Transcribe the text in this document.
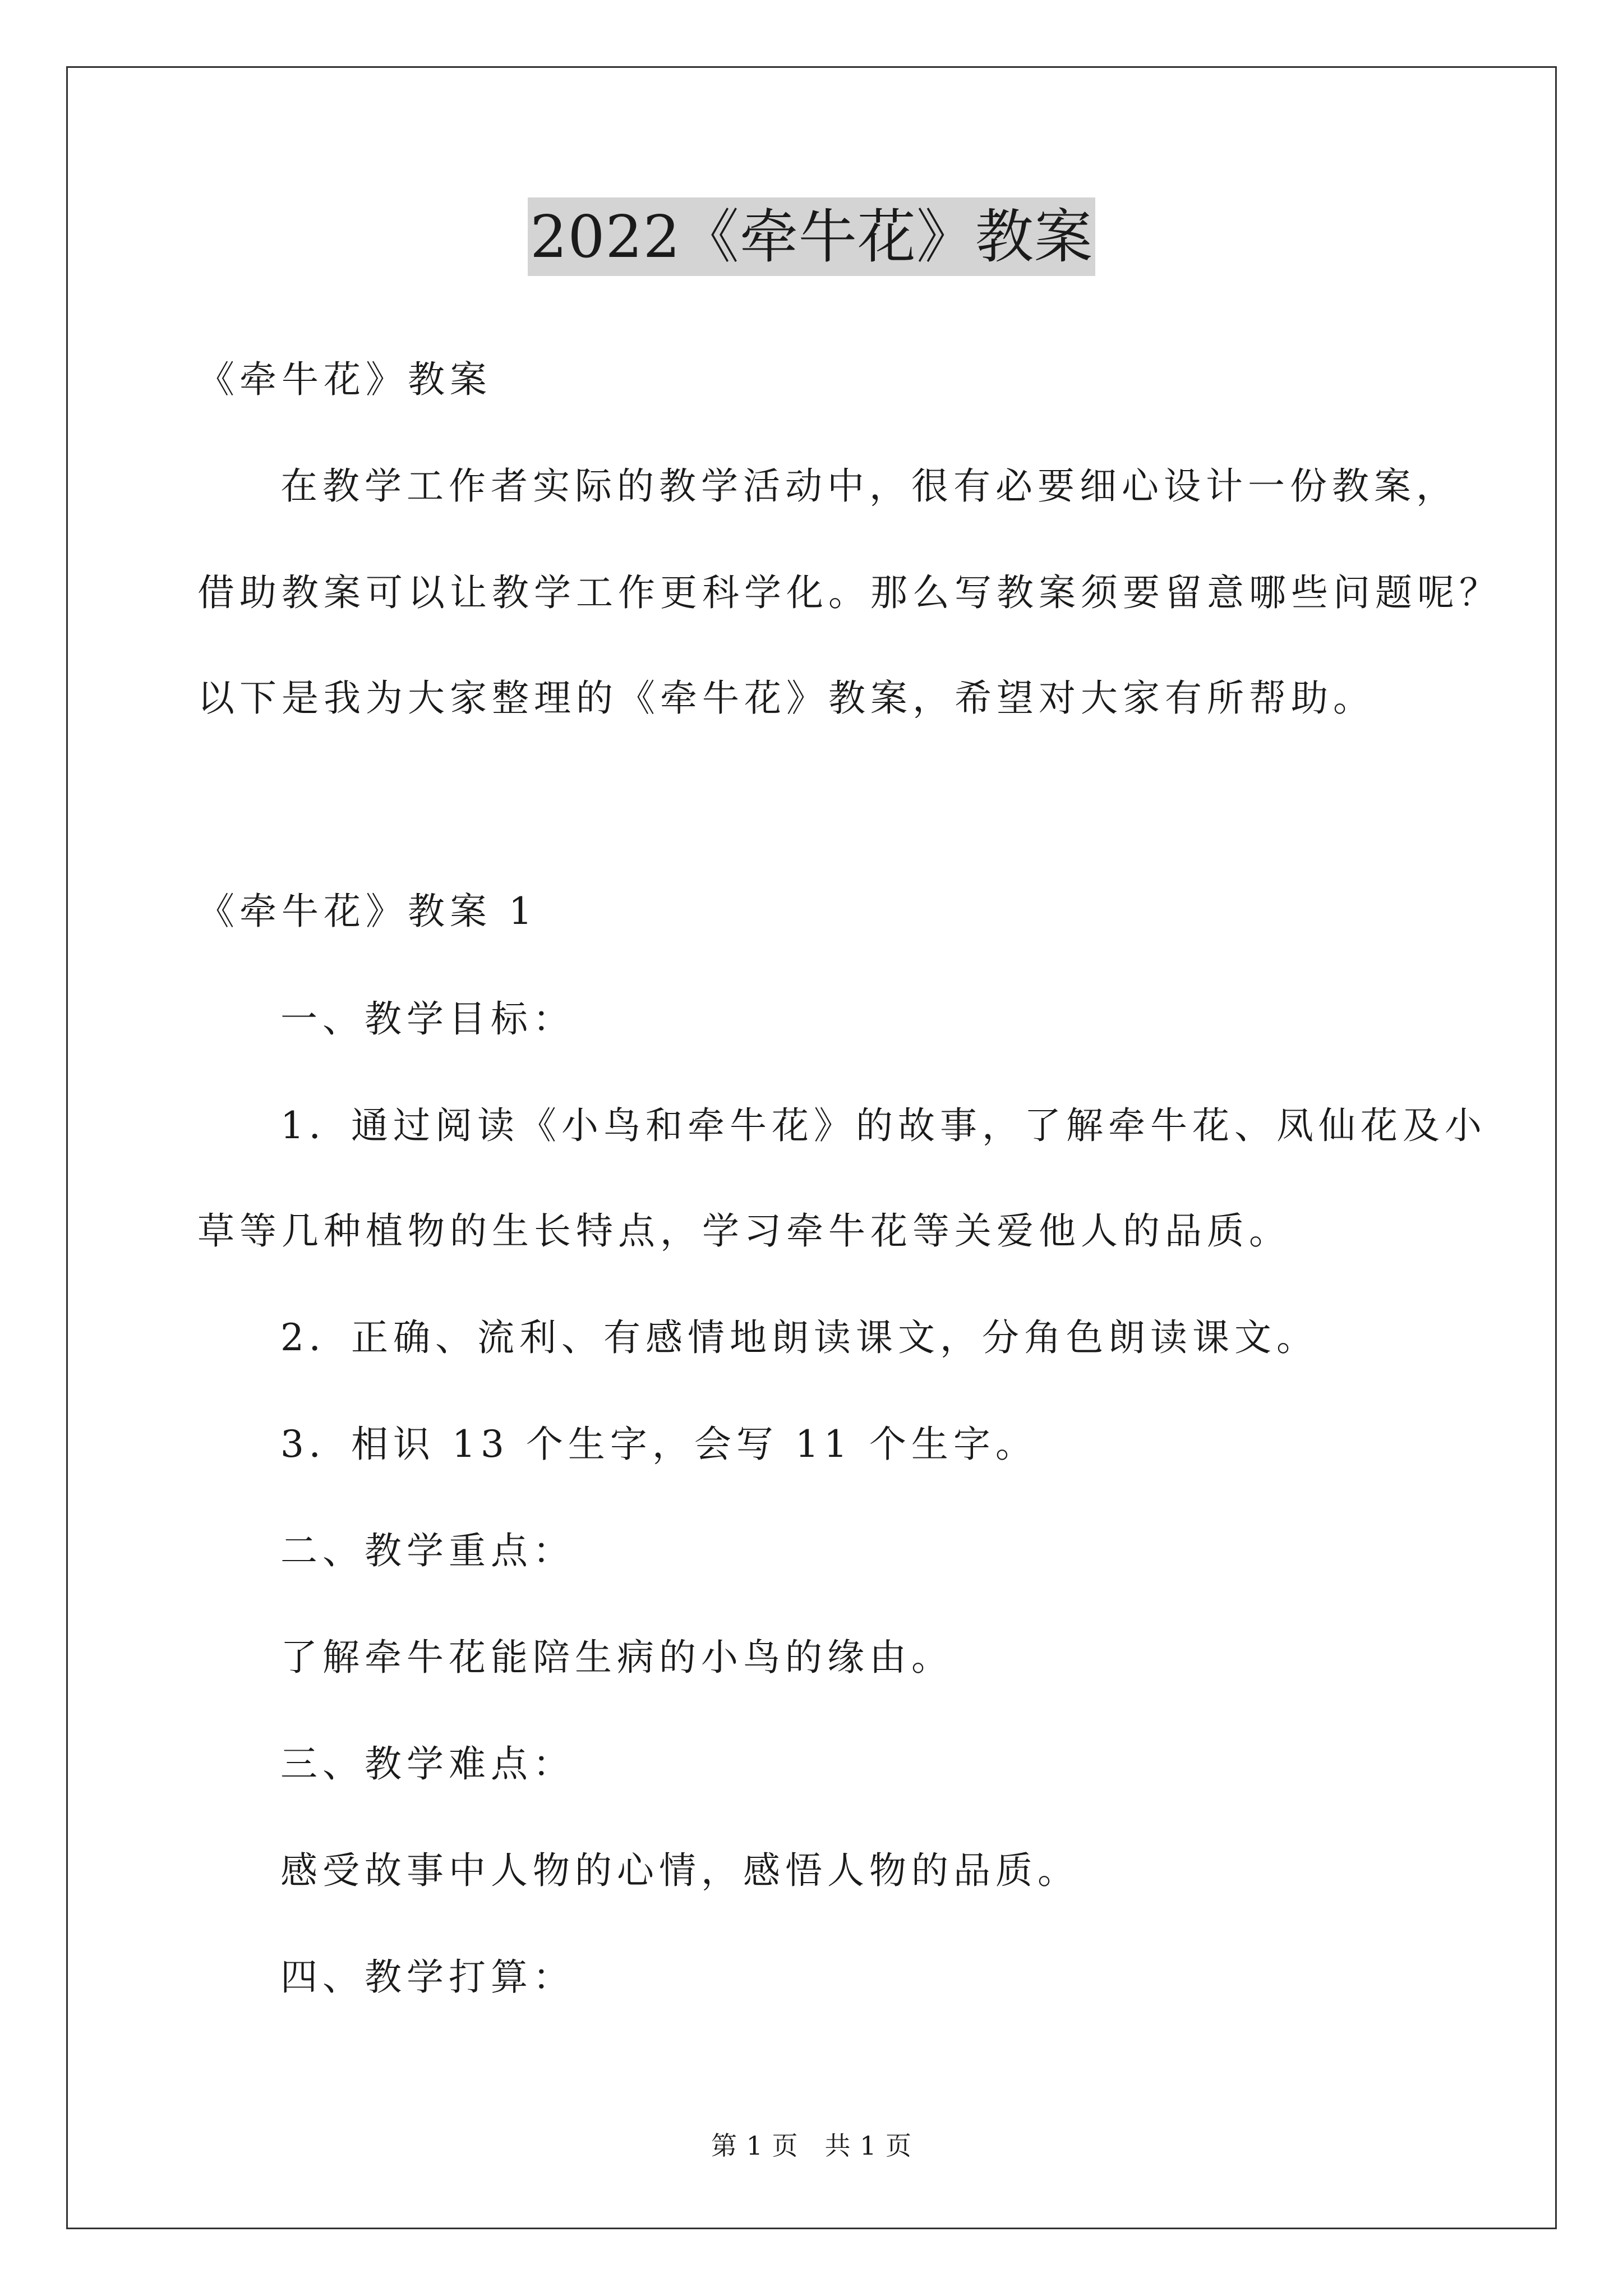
2022《牵牛花》教案
《牵牛花》教案
在教学工作者实际的教学活动中，很有必要细心设计一份教案，
借助教案可以让教学工作更科学化。那么写教案须要留意哪些问题呢？
以下是我为大家整理的《牵牛花》教案，希望对大家有所帮助。
《牵牛花》教案 1
一、教学目标：
1．通过阅读《小鸟和牵牛花》的故事，了解牵牛花、凤仙花及小
草等几种植物的生长特点，学习牵牛花等关爱他人的品质。
2．正确、流利、有感情地朗读课文，分角色朗读课文。
3．相识 13 个生字，会写 11 个生字。
二、教学重点：
了解牵牛花能陪生病的小鸟的缘由。
三、教学难点：
感受故事中人物的心情，感悟人物的品质。
四、教学打算：
第 1 页　共 1 页
